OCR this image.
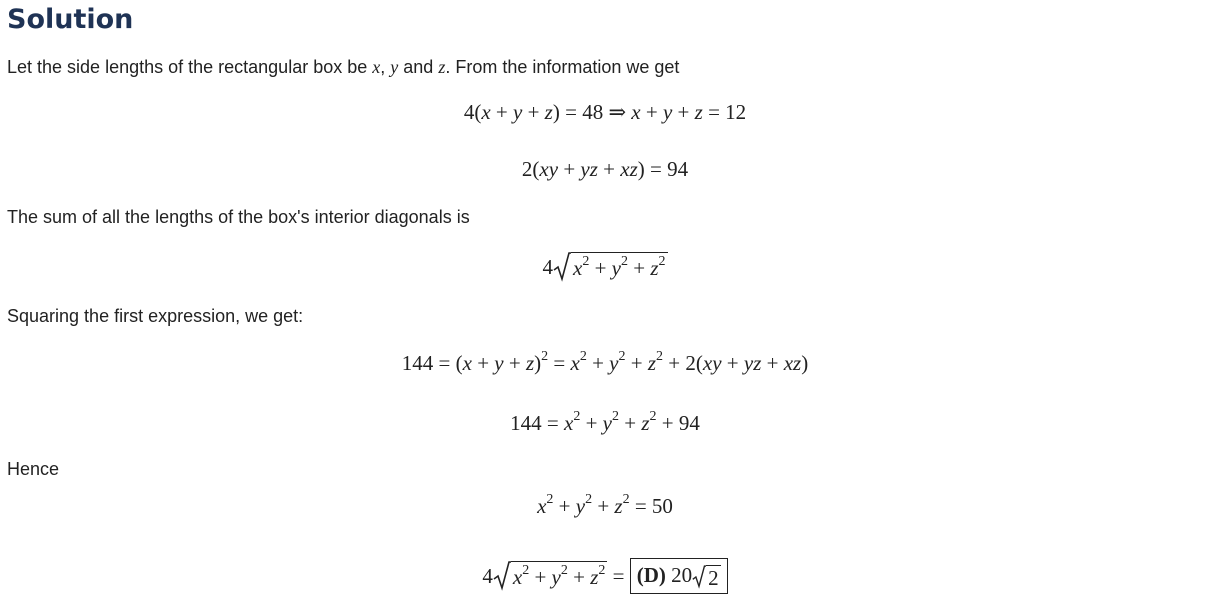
Solution

Let the side lengths of the rectangular box be x, y and z. From the information we get

4(x + y + z) = 48 ⇒ x + y + z = 12
2(xy + yz + xz) = 94

The sum of all the lengths of the box's interior diagonals is

4 $x^2 + y^2 + z^2$

Squaring the first expression, we get:

$144 = (x + y + z)^2 = x^2 + y^2 + z^2 + 2(xy$ + yz + xz)
$144 = x^2 + y^2 + z^2 + 94$

Hence

$x^2 + y^2 + z^2 = 50$
4 $x^2 + y^2 + z^2 = (D)$ 20 2
